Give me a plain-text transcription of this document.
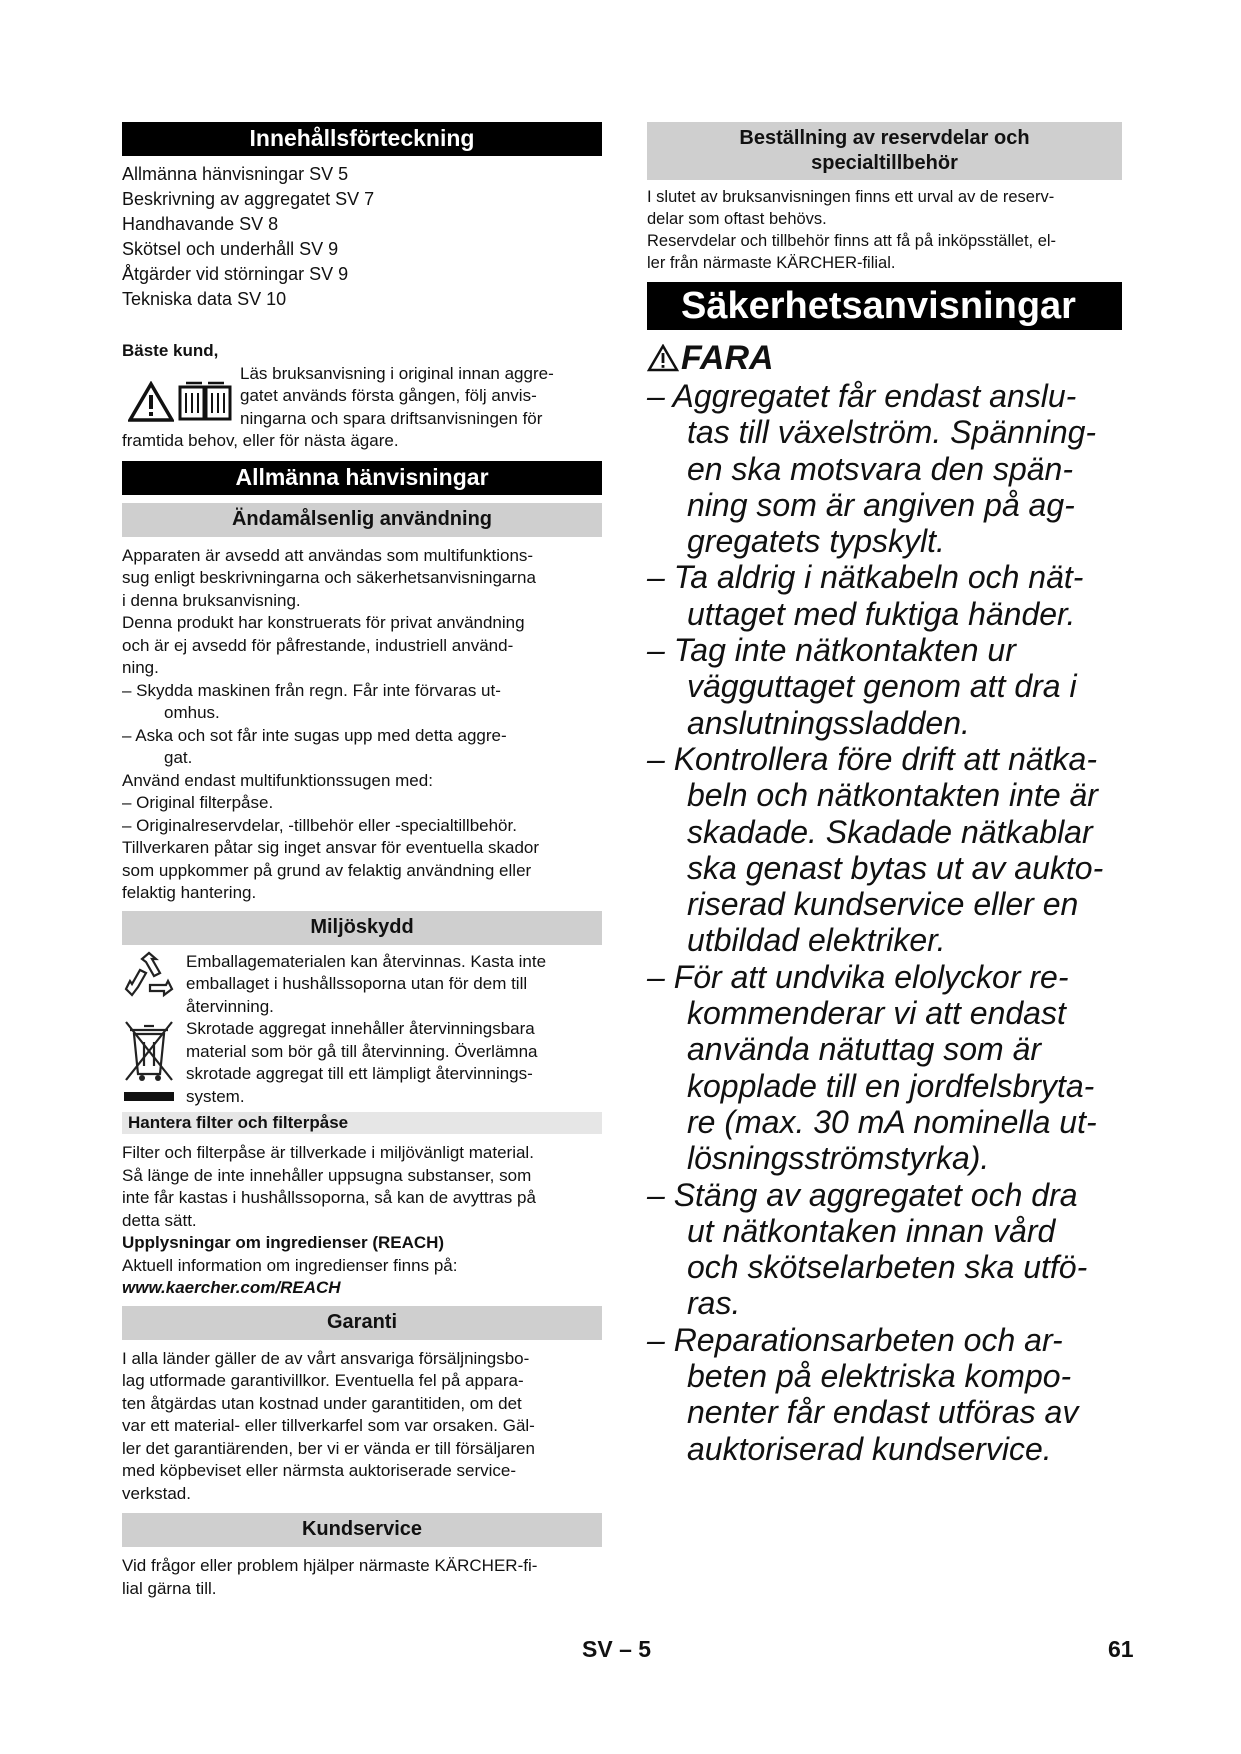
Innehållsförteckning
Allmänna hänvisningar SV 5
Beskrivning av aggregatet SV 7
Handhavande SV 8
Skötsel och underhåll SV 9
Åtgärder vid störningar SV 9
Tekniska data SV 10

Bäste kund,

Läs bruksanvisning i original innan aggre-

gatet används första gången, följ anvis-

ningarna och spara driftsanvisningen för

framtida behov, eller för nästa ägare.

Allmänna hänvisningar
Ändamålsenlig användning

Apparaten är avsedd att användas som multifunktions-

sug enligt beskrivningarna och säkerhetsanvisningarna

i denna bruksanvisning.

Denna produkt har konstruerats för privat användning

och är ej avsedd för påfrestande, industriell använd-

ning.

– Skydda maskinen från regn. Får inte förvaras ut-

omhus.

– Aska och sot får inte sugas upp med detta aggre-

gat.

Använd endast multifunktionssugen med:

– Original filterpåse.

– Originalreservdelar, -tillbehör eller -specialtillbehör.

Tillverkaren påtar sig inget ansvar för eventuella skador

som uppkommer på grund av felaktig användning eller

felaktig hantering.

Miljöskydd

Emballagematerialen kan återvinnas. Kasta inte

emballaget i hushållssoporna utan för dem till

återvinning.

Skrotade aggregat innehåller återvinningsbara

material som bör gå till återvinning. Överlämna

skrotade aggregat till ett lämpligt återvinnings-

system.

Hantera filter och filterpåse

Filter och filterpåse är tillverkade i miljövänligt material.

Så länge de inte innehåller uppsugna substanser, som

inte får kastas i hushållssoporna, så kan de avyttras på

detta sätt.

Upplysningar om ingredienser (REACH)

Aktuell information om ingredienser finns på:

www.kaercher.com/REACH

Garanti

I alla länder gäller de av vårt ansvariga försäljningsbo-

lag utformade garantivillkor. Eventuella fel på appara-

ten åtgärdas utan kostnad under garantitiden, om det

var ett material- eller tillverkarfel som var orsaken. Gäl-

ler det garantiärenden, ber vi er vända er till försäljaren

med köpbeviset eller närmsta auktoriserade service-

verkstad.

Kundservice

Vid frågor eller problem hjälper närmaste KÄRCHER-fi-

lial gärna till.

Beställning av reservdelar och
specialtillbehör

I slutet av bruksanvisningen finns ett urval av de reserv-

delar som oftast behövs.

Reservdelar och tillbehör finns att få på inköpsstället, el-

ler från närmaste KÄRCHER-filial.

Säkerhetsanvisningar
FARA
– Aggregatet får endast anslu-
tas till växelström. Spänning-
en ska motsvara den spän-
ning som är angiven på ag-
gregatets typskylt.
– Ta aldrig i nätkabeln och nät-
uttaget med fuktiga händer.
– Tag inte nätkontakten ur
vägguttaget genom att dra i
anslutningssladden.
– Kontrollera före drift att nätka-
beln och nätkontakten inte är
skadade. Skadade nätkablar
ska genast bytas ut av aukto-
riserad kundservice eller en
utbildad elektriker.
– För att undvika elolyckor re-
kommenderar vi att endast
använda nätuttag som är
kopplade till en jordfelsbryta-
re (max. 30 mA nominella ut-
lösningsströmstyrka).
– Stäng av aggregatet och dra
ut nätkontaken innan vård
och skötselarbeten ska utfö-
ras.
– Reparationsarbeten och ar-
beten på elektriska kompo-
nenter får endast utföras av
auktoriserad kundservice.
SV – 5	61
